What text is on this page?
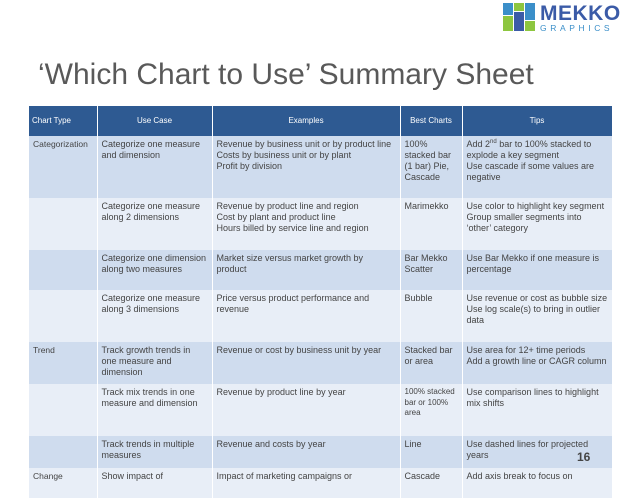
MEKKO
GRAPHICS
‘Which Chart to Use’ Summary Sheet
Chart Type	Use Case	Examples	Best Charts	Tips
Categorization	Categorize one measure and dimension	Revenue by business unit or by product line
Costs by business unit or by plant
Profit by division	100% stacked bar (1 bar) Pie, Cascade	Add 2nd bar to 100% stacked to explode a key segment
Use cascade if some values are negative
	Categorize one measure along 2 dimensions	Revenue by product line and region
Cost by plant and product line
Hours billed by service line and region	Marimekko	Use color to highlight key segment
Group smaller segments into ‘other’ category
	Categorize one dimension along two measures	Market size versus market growth by product	Bar Mekko Scatter	Use Bar Mekko if one measure is percentage
	Categorize one measure along 3 dimensions	Price versus product performance and revenue	Bubble	Use revenue or cost as bubble size
Use log scale(s) to bring in outlier data
Trend	Track growth trends in one measure and dimension	Revenue or cost by business unit by year	Stacked bar or area	Use area for 12+ time periods
Add a growth line or CAGR column
	Track mix trends in one measure and dimension	Revenue by product line by year	100% stacked bar or 100% area	Use comparison lines to highlight mix shifts
	Track trends in multiple measures	Revenue and costs by year	Line	Use dashed lines for projected years
Change	Show impact of	Impact of marketing campaigns or	Cascade	Add axis break to focus on
16
